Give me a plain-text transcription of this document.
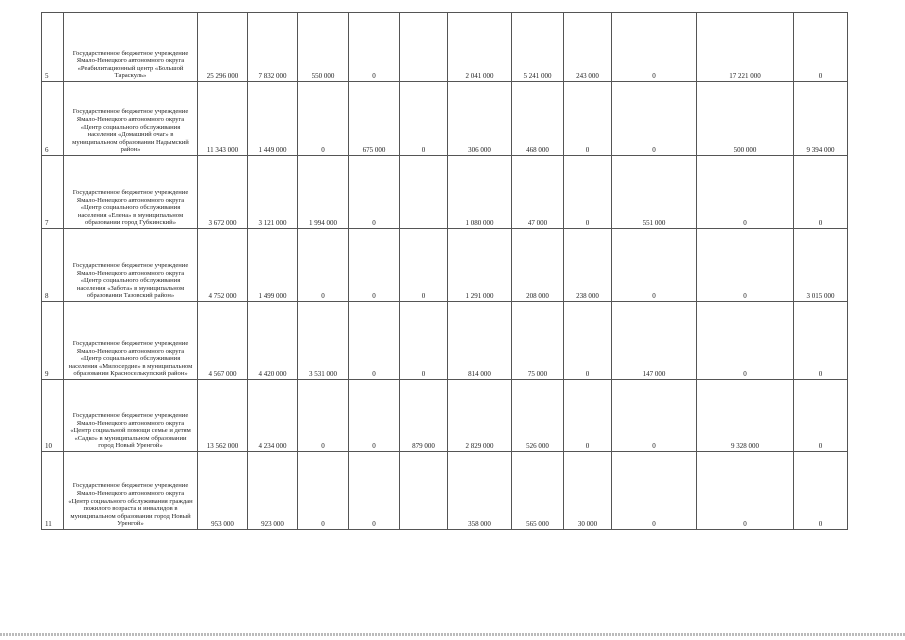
5	Государственное бюджетное учреждение Ямало-Ненецкого автономного округа «Реабилитационный центр «Большой Тараскуль»	25 296 000	7 832 000	550 000	0		2 041 000	5 241 000	243 000	0	17 221 000	0
6	Государственное бюджетное учреждение Ямало-Ненецкого автономного округа «Центр социального обслуживания населения «Домашний очаг» в муниципальном образовании Надымский район»	11 343 000	1 449 000	0	675 000	0	306 000	468 000	0	0	500 000	9 394 000
7	Государственное бюджетное учреждение Ямало-Ненецкого автономного округа «Центр социального обслуживания населения «Елена» в муниципальном образовании город Губкинский»	3 672 000	3 121 000	1 994 000	0		1 080 000	47 000	0	551 000	0	0
8	Государственное бюджетное учреждение Ямало-Ненецкого автономного округа «Центр социального обслуживания населения «Забота» в муниципальном образовании Тазовский район»	4 752 000	1 499 000	0	0	0	1 291 000	208 000	238 000	0	0	3 015 000
9	Государственное бюджетное учреждение Ямало-Ненецкого автономного округа «Центр социального обслуживания населения «Милосердие» в муниципальном образовании Красноселькупский район»	4 567 000	4 420 000	3 531 000	0	0	814 000	75 000	0	147 000	0	0
10	Государственное бюджетное учреждение Ямало-Ненецкого автономного округа «Центр социальной помощи семье и детям «Садко» в муниципальном образовании город Новый Уренгой»	13 562 000	4 234 000	0	0	879 000	2 829 000	526 000	0	0	9 328 000	0
11	Государственное бюджетное учреждение Ямало-Ненецкого автономного округа «Центр социального обслуживания граждан пожилого возраста и инвалидов в муниципальном образовании город Новый Уренгой»	953 000	923 000	0	0		358 000	565 000	30 000	0	0	0
